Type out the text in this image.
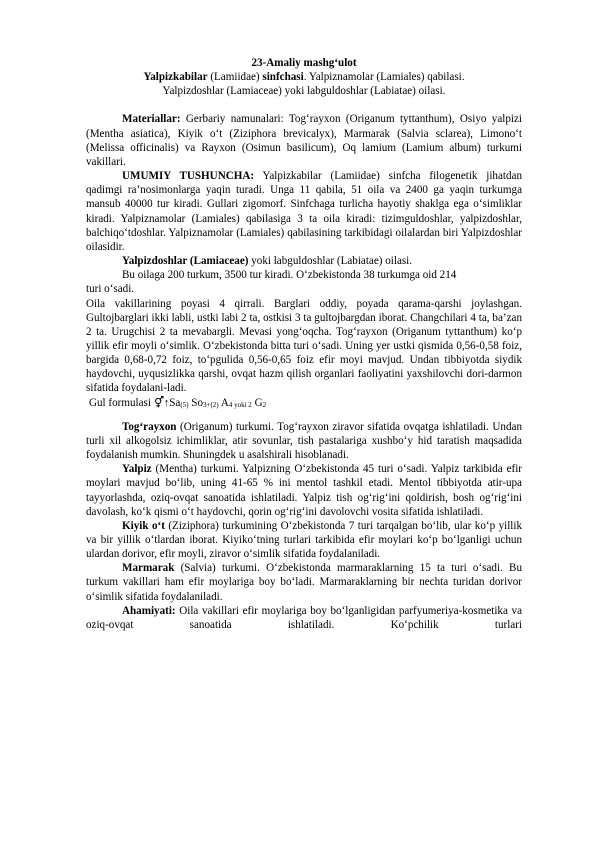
23-Amaliy mashg‘ulot

Yalpizkabilar (Lamiidae) sinfchasi. Yalpiznamolar (Lamiales) qabilasi.

Yalpizdoshlar (Lamiaceae) yoki labguldoshlar (Labiatae) oilasi.

Materiallar: Gerbariy namunalari: Tog‘rayxon (Origanum tyttanthum), Osiyo yalpizi (Mentha asiatica), Kiyik o‘t (Ziziphora brevicalyx), Marmarak (Salvia sclarea), Limono‘t (Melissa officinalis) va Rayxon (Osimun basilicum), Oq lamium (Lamium album) turkumi vakillari.

UMUMIY TUSHUNCHA: Yalpizkabilar (Lamiidae) sinfcha filogenetik jihatdan qadimgi ra’nosimonlarga yaqin turadi. Unga 11 qabila, 51 oila va 2400 ga yaqin turkumga mansub 40000 tur kiradi. Gullari zigomorf. Sinfchaga turlicha hayotiy shaklga ega o‘simliklar kiradi. Yalpiznamolar (Lamiales) qabilasiga 3 ta oila kiradi: tizimguldoshlar, yalpizdoshlar, balchiqo‘tdoshlar. Yalpiznamolar (Lamiales) qabilasining tarkibidagi oilalardan biri Yalpizdoshlar oilasidir.

Yalpizdoshlar (Lamiaceae) yoki labguldoshlar (Labiatae) oilasi.

Bu oilaga 200 turkum, 3500 tur kiradi. O‘zbekistonda 38 turkumga oid 214

turi o‘sadi.

Oila vakillarining poyasi 4 qirrali. Barglari oddiy, poyada qarama-qarshi joylashgan. Gultojbarglari ikki labli, ustki labi 2 ta, ostkisi 3 ta gultojbargdan iborat. Changchilari 4 ta, ba’zan 2 ta. Urugchisi 2 ta mevabargli. Mevasi yong‘oqcha. Tog‘rayxon (Origanum tyttanthum) ko‘p yillik efir moyli o‘simlik. O‘zbekistonda bitta turi o‘sadi. Uning yer ustki qismida 0,56-0,58 foiz, bargida 0,68-0,72 foiz, to‘pgulida 0,56-0,65 foiz efir moyi mavjud. Undan tibbiyotda siydik haydovchi, uyqusizlikka qarshi, ovqat hazm qilish organlari faoliyatini yaxshilovchi dori-darmon sifatida foydalani-ladi.

Gul formulasi $↑Sa_{(5)}$ $So_{3+(2)}$ $A_{4 yoki 2}$ $G_2$

Tog‘rayxon (Origanum) turkumi. Tog‘rayxon ziravor sifatida ovqatga ishlatiladi. Undan turli xil alkogolsiz ichimliklar, atir sovunlar, tish pastalariga xushbo‘y hid taratish maqsadida foydalanish mumkin. Shuningdek u asalshirali hisoblanadi.

Yalpiz (Mentha) turkumi. Yalpizning O‘zbekistonda 45 turi o‘sadi. Yalpiz tarkibida efir moylari mavjud bo‘lib, uning 41-65 % ini mentol tashkil etadi. Mentol tibbiyotda atir-upa tayyorlashda, oziq-ovqat sanoatida ishlatiladi. Yalpiz tish og‘rig‘ini qoldirish, bosh og‘rig‘ini davolash, ko‘k qismi o‘t haydovchi, qorin og‘rig‘ini davolovchi vosita sifatida ishlatiladi.

Kiyik o‘t (Ziziphora) turkumining O‘zbekistonda 7 turi tarqalgan bo‘lib, ular ko‘p yillik va bir yillik o‘tlardan iborat. Kiyiko‘tning turlari tarkibida efir moylari ko‘p bo‘lganligi uchun ulardan dorivor, efir moyli, ziravor o‘simlik sifatida foydalaniladi.

Marmarak (Salvia) turkumi. O‘zbekistonda marmaraklarning 15 ta turi o‘sadi. Bu turkum vakillari ham efir moylariga boy bo‘ladi. Marmaraklarning bir nechta turidan dorivor o‘simlik sifatida foydalaniladi.

Ahamiyati: Oila vakillari efir moylariga boy bo‘lganligidan parfyumeriya-kosmetika va oziq-ovqat sanoatida ishlatiladi. Ko‘pchilik turlari
